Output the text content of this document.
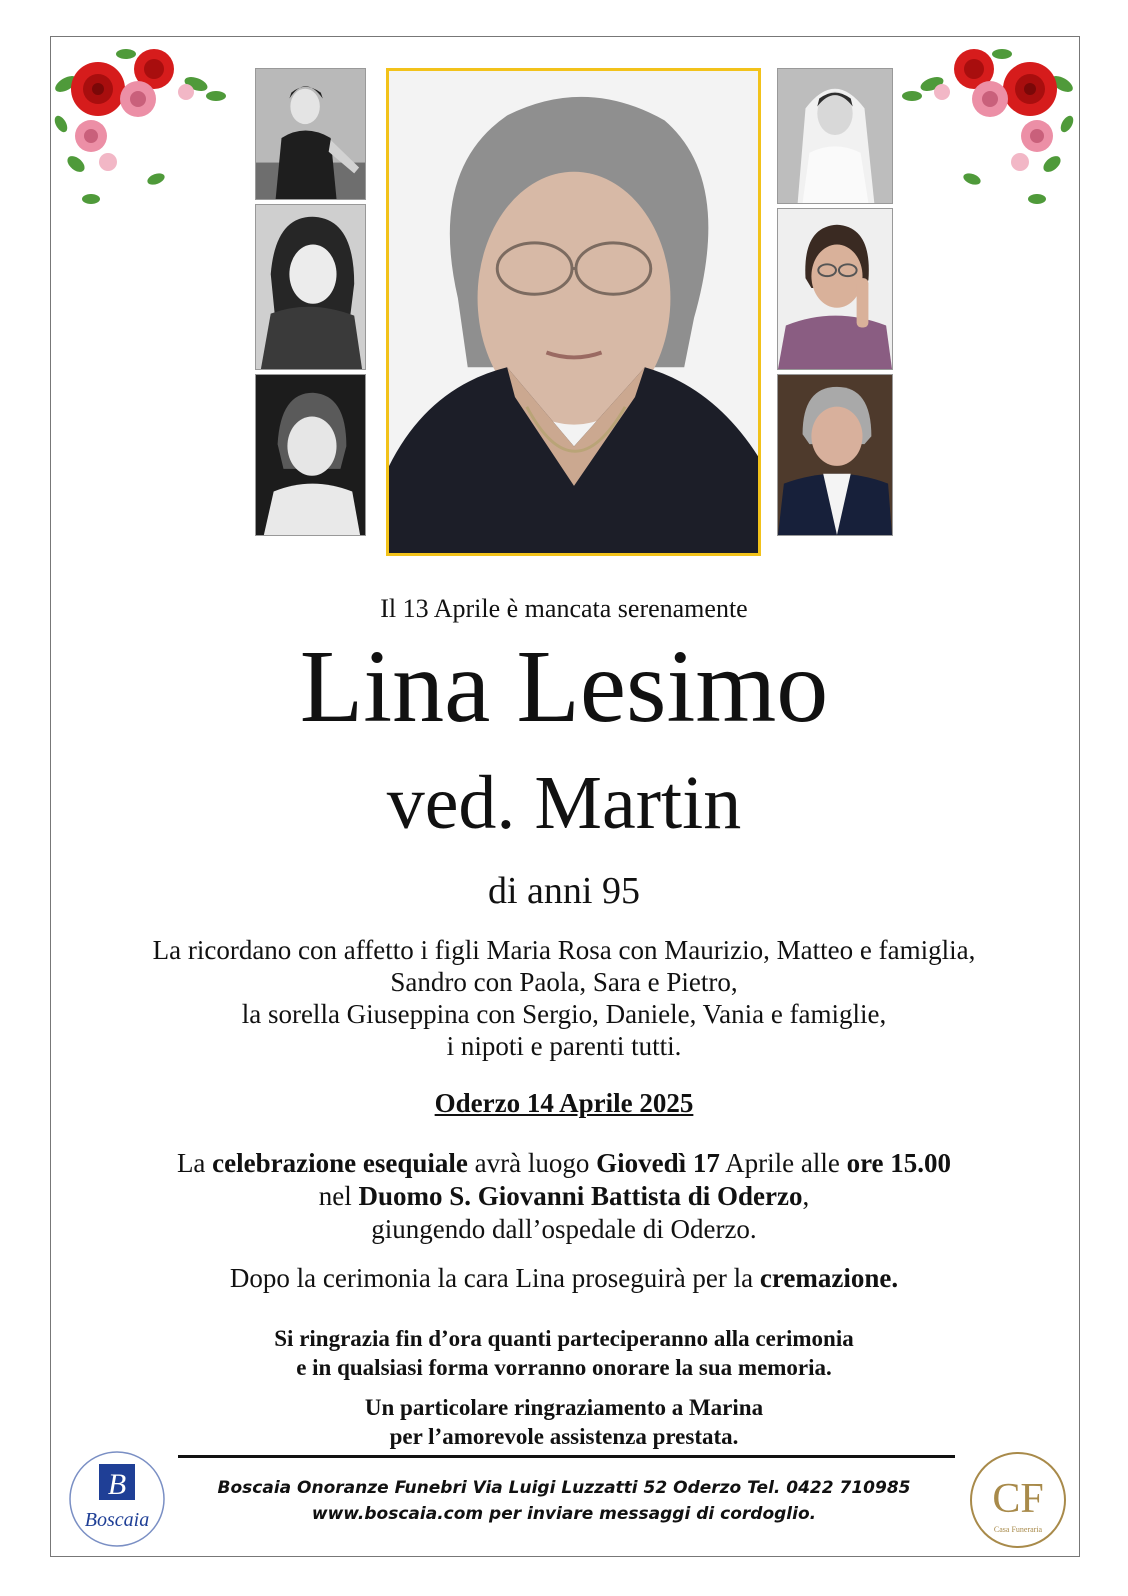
Il 13 Aprile è mancata serenamente
Lina Lesimo
ved. Martin
di anni 95
La ricordano con affetto i figli Maria Rosa con Maurizio, Matteo e famiglia,
Sandro con Paola, Sara e Pietro,
la sorella Giuseppina con Sergio, Daniele, Vania e famiglie,
i nipoti e parenti tutti.
Oderzo 14 Aprile 2025
La celebrazione esequiale avrà luogo Giovedì 17 Aprile alle ore 15.00
nel Duomo S. Giovanni Battista di Oderzo,
giungendo dall’ospedale di Oderzo.
Dopo la cerimonia la cara Lina proseguirà per la cremazione.
Si ringrazia fin d’ora quanti parteciperanno alla cerimonia
e in qualsiasi forma vorranno onorare la sua memoria.
Un particolare ringraziamento a Marina
per l’amorevole assistenza prestata.
Boscaia Onoranze Funebri Via Luigi Luzzatti 52 Oderzo Tel. 0422 710985
www.boscaia.com per inviare messaggi di cordoglio.
B
Boscaia	CF
Casa Funeraria
